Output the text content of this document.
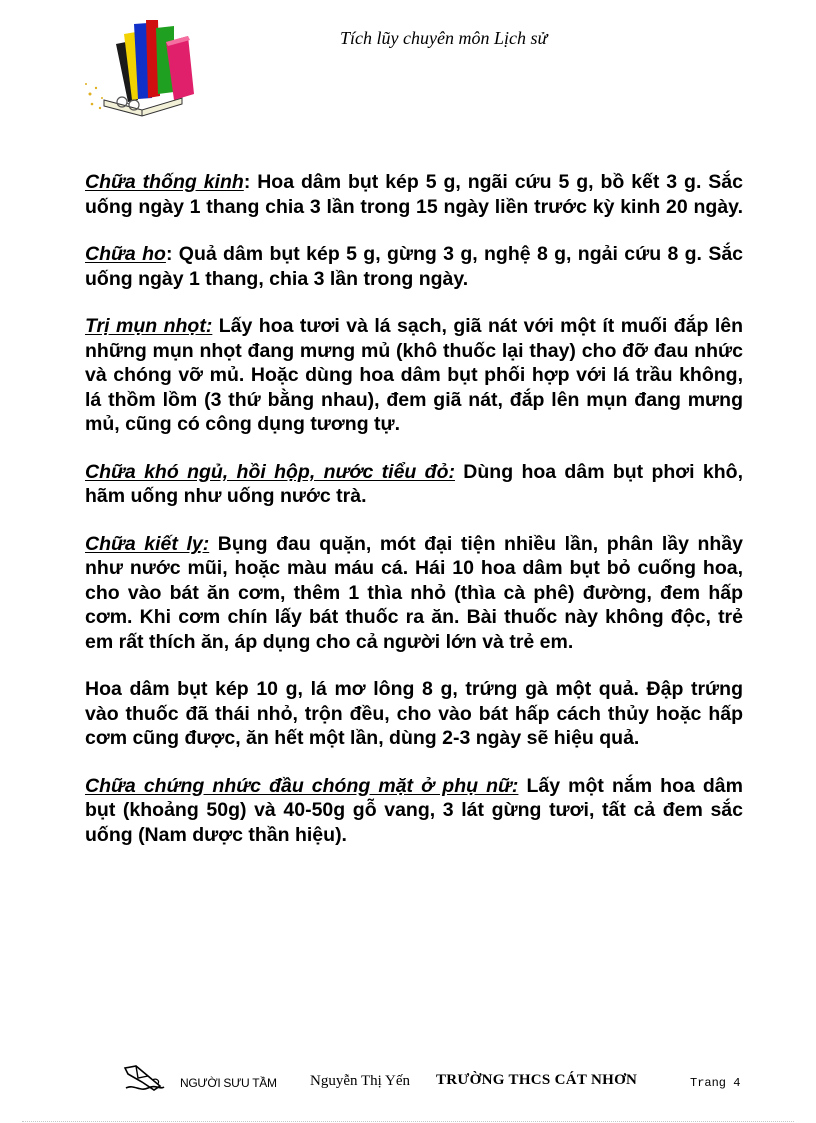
Tích lũy chuyên môn Lịch sử

Chữa thống kinh: Hoa dâm bụt kép 5 g, ngãi cứu 5 g, bồ kết 3 g. Sắc uống ngày 1 thang chia 3 lần trong 15 ngày liền trước kỳ kinh 20 ngày.

Chữa ho: Quả dâm bụt kép 5 g, gừng 3 g, nghệ 8 g, ngải cứu 8 g. Sắc uống ngày 1 thang, chia 3 lần trong ngày.

Trị mụn nhọt: Lấy hoa tươi và lá sạch, giã nát với một ít muối đắp lên những mụn nhọt đang mưng mủ (khô thuốc lại thay) cho đỡ đau nhức và chóng vỡ mủ. Hoặc dùng hoa dâm bụt phối hợp với lá trầu không, lá thồm lồm (3 thứ bằng nhau), đem giã nát, đắp lên mụn đang mưng mủ, cũng có công dụng tương tự.

Chữa khó ngủ, hồi hộp, nước tiểu đỏ: Dùng hoa dâm bụt phơi khô, hãm uống như uống nước trà.

Chữa kiết lỵ: Bụng đau quặn, mót đại tiện nhiều lần, phân lầy nhầy như nước mũi, hoặc màu máu cá. Hái 10 hoa dâm bụt bỏ cuống hoa, cho vào bát ăn cơm, thêm 1 thìa nhỏ (thìa cà phê) đường, đem hấp cơm. Khi cơm chín lấy bát thuốc ra ăn. Bài thuốc này không độc, trẻ em rất thích ăn, áp dụng cho cả người lớn và trẻ em.

Hoa dâm bụt kép 10 g, lá mơ lông 8 g, trứng gà một quả. Đập trứng vào thuốc đã thái nhỏ, trộn đều, cho vào bát hấp cách thủy hoặc hấp cơm cũng được, ăn hết một lần, dùng 2-3 ngày sẽ hiệu quả.

Chữa chứng nhức đầu chóng mặt ở phụ nữ: Lấy một nắm hoa dâm bụt (khoảng 50g) và 40-50g gỗ vang, 3 lát gừng tươi, tất cả đem sắc uống (Nam dược thần hiệu).

NGƯỜI SƯU TẦM Nguyễn Thị Yến TRƯỜNG THCS CÁT NHƠN	Trang 4
